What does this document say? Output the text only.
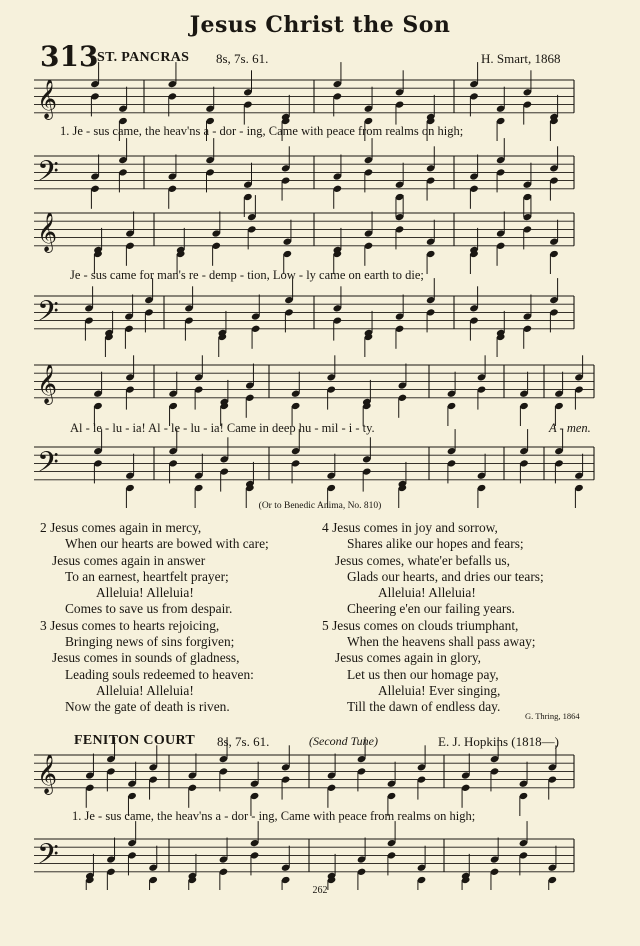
Jesus Christ the Son
313
ST. PANCRAS 8s, 7s. 61.	H. Smart, 1868
𝄞
𝄢
𝄞
𝄢
𝄞
𝄢
𝄞
𝄢
1. Je - sus came, the heav'ns a - dor - ing, Came with peace from realms on high;
Je - sus came for man's re - demp - tion, Low - ly came on earth to die;
Al - le - lu - ia! Al - le - lu - ia! Came in deep hu - mil - i - ty.	A - men.
(Or to Benedic Anima, No. 810)
2 Jesus comes again in mercy,
When our hearts are bowed with care;
Jesus comes again in answer
To an earnest, heartfelt prayer;
Alleluia! Alleluia!
Comes to save us from despair.
3 Jesus comes to hearts rejoicing,
Bringing news of sins forgiven;
Jesus comes in sounds of gladness,
Leading souls redeemed to heaven:
Alleluia! Alleluia!
Now the gate of death is riven.
4 Jesus comes in joy and sorrow,
Shares alike our hopes and fears;
Jesus comes, whate'er befalls us,
Glads our hearts, and dries our tears;
Alleluia! Alleluia!
Cheering e'en our failing years.
5 Jesus comes on clouds triumphant,
When the heavens shall pass away;
Jesus comes again in glory,
Let us then our homage pay,
Alleluia! Ever singing,
Till the dawn of endless day.
G. Thring, 1864
FENITON COURT 8s, 7s. 61.	(Second Tune)	E. J. Hopkins (1818—)
1. Je - sus came, the heav'ns a - dor - ing, Came with peace from realms on high;
262
